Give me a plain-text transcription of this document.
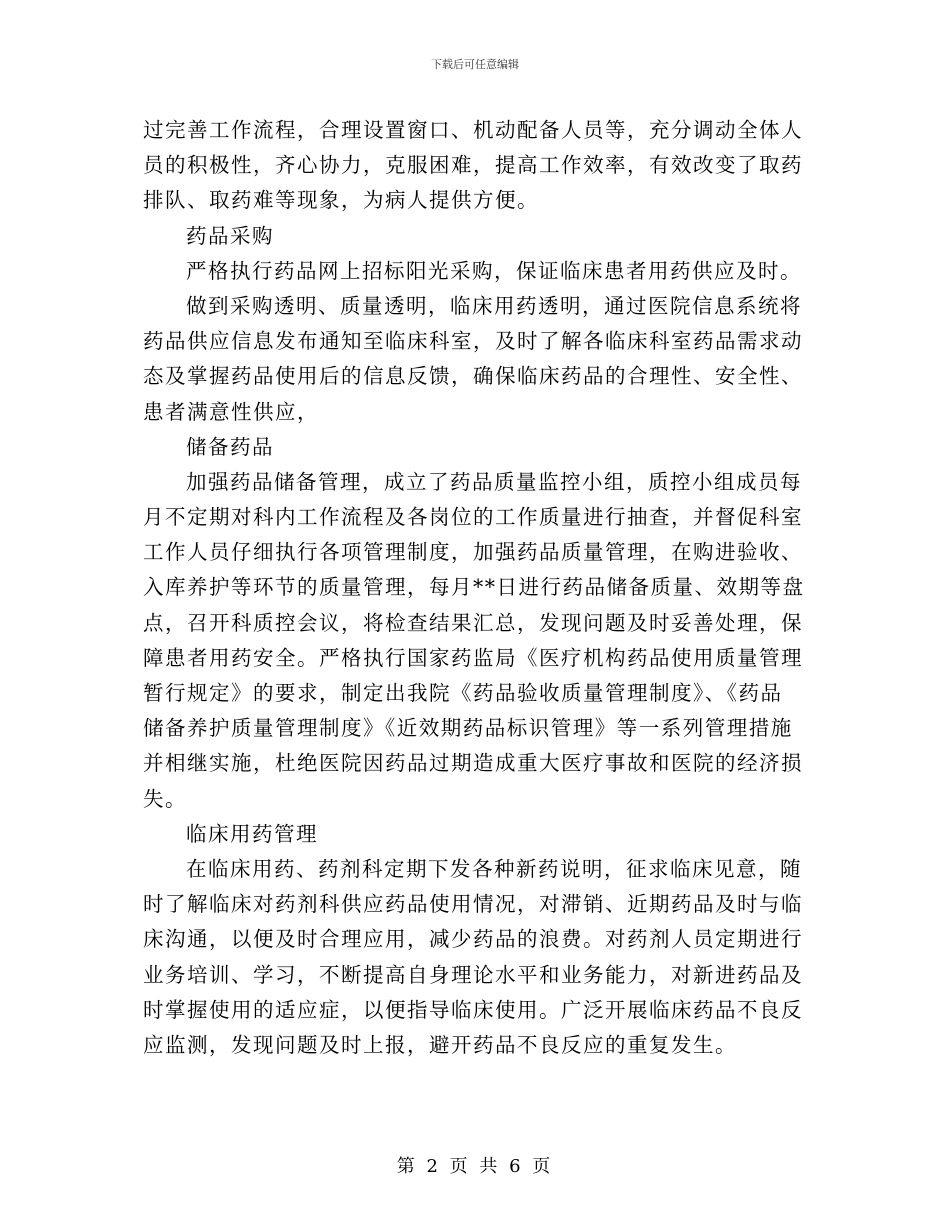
下载后可任意编辑
过完善工作流程，合理设置窗口、机动配备人员等，充分调动全体人
员的积极性，齐心协力，克服困难，提高工作效率，有效改变了取药
排队、取药难等现象，为病人提供方便。
药品采购
严格执行药品网上招标阳光采购，保证临床患者用药供应及时。
做到采购透明、质量透明，临床用药透明，通过医院信息系统将
药品供应信息发布通知至临床科室，及时了解各临床科室药品需求动
态及掌握药品使用后的信息反馈，确保临床药品的合理性、安全性、
患者满意性供应，
储备药品
加强药品储备管理，成立了药品质量监控小组，质控小组成员每
月不定期对科内工作流程及各岗位的工作质量进行抽查，并督促科室
工作人员仔细执行各项管理制度，加强药品质量管理，在购进验收、
入库养护等环节的质量管理，每月**日进行药品储备质量、效期等盘
点，召开科质控会议，将检查结果汇总，发现问题及时妥善处理，保
障患者用药安全。严格执行国家药监局《医疗机构药品使用质量管理
暂行规定》的要求，制定出我院《药品验收质量管理制度》、《药品
储备养护质量管理制度》《近效期药品标识管理》等一系列管理措施
并相继实施，杜绝医院因药品过期造成重大医疗事故和医院的经济损
失。
临床用药管理
在临床用药、药剂科定期下发各种新药说明，征求临床见意，随
时了解临床对药剂科供应药品使用情况，对滞销、近期药品及时与临
床沟通，以便及时合理应用，减少药品的浪费。对药剂人员定期进行
业务培训、学习，不断提高自身理论水平和业务能力，对新进药品及
时掌握使用的适应症，以便指导临床使用。广泛开展临床药品不良反
应监测，发现问题及时上报，避开药品不良反应的重复发生。
第 2 页 共 6 页
